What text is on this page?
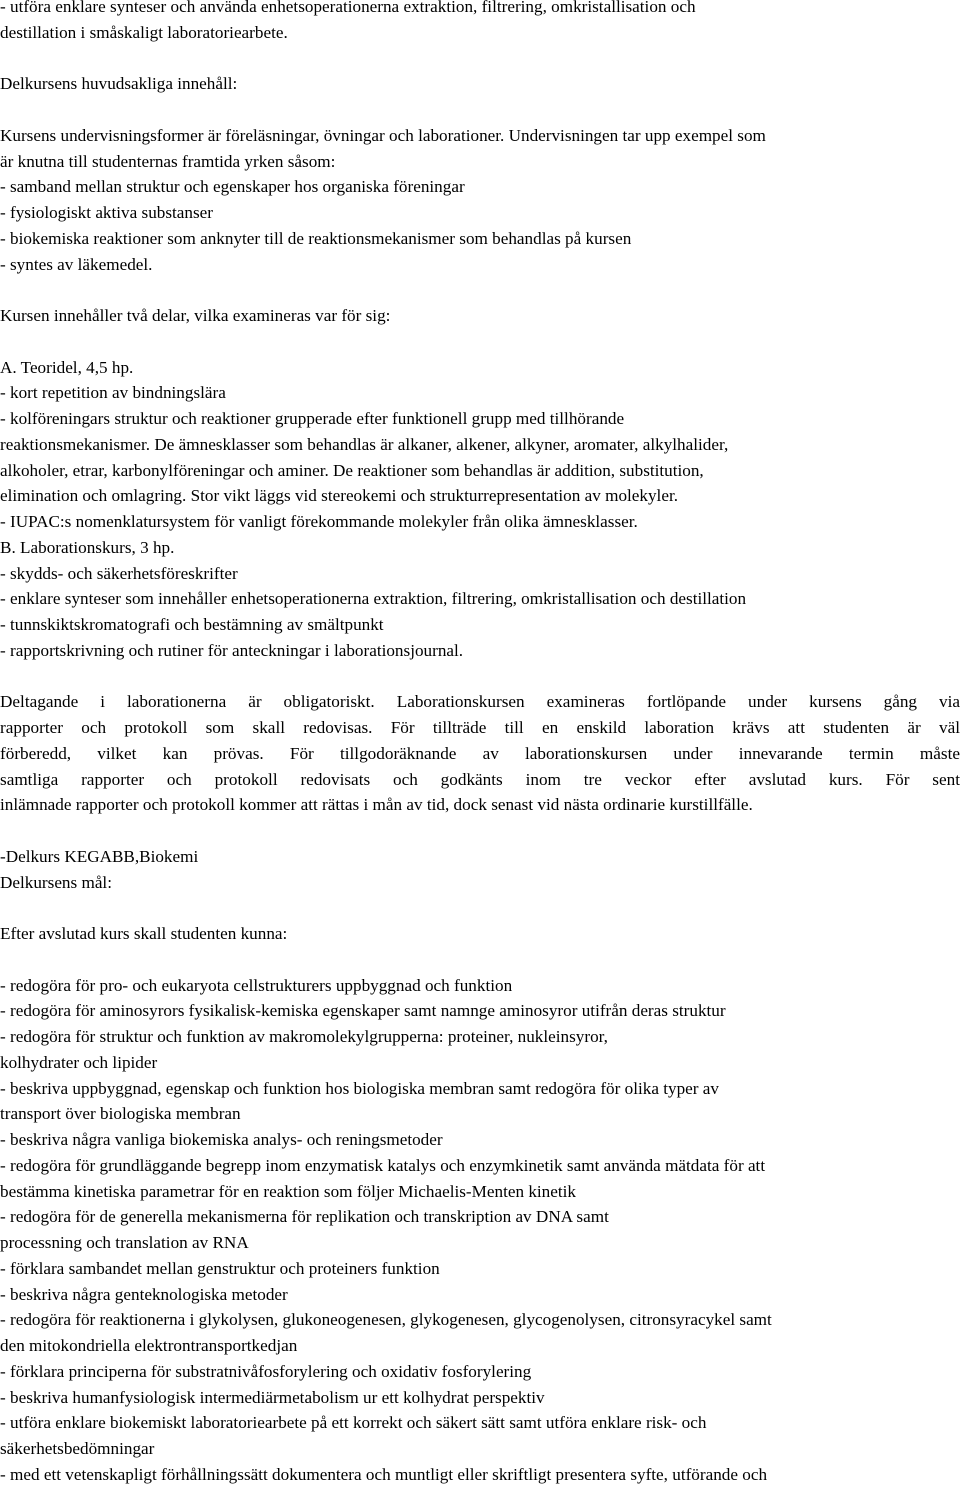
- utföra enklare synteser och använda enhetsoperationerna extraktion, filtrering, omkristallisation och
destillation i småskaligt laboratoriearbete.
Delkursens huvudsakliga innehåll:
Kursens undervisningsformer är föreläsningar, övningar och laborationer. Undervisningen tar upp exempel som
är knutna till studenternas framtida yrken såsom:
- samband mellan struktur och egenskaper hos organiska föreningar
- fysiologiskt aktiva substanser
- biokemiska reaktioner som anknyter till de reaktionsmekanismer som behandlas på kursen
- syntes av läkemedel.
Kursen innehåller två delar, vilka examineras var för sig:
A. Teoridel, 4,5 hp.
- kort repetition av bindningslära
- kolföreningars struktur och reaktioner grupperade efter funktionell grupp med tillhörande
reaktionsmekanismer. De ämnesklasser som behandlas är alkaner, alkener, alkyner, aromater, alkylhalider,
alkoholer, etrar, karbonylföreningar och aminer. De reaktioner som behandlas är addition, substitution,
elimination och omlagring. Stor vikt läggs vid stereokemi och strukturrepresentation av molekyler.
- IUPAC:s nomenklatursystem för vanligt förekommande molekyler från olika ämnesklasser.
B. Laborationskurs, 3 hp.
- skydds- och säkerhetsföreskrifter
- enklare synteser som innehåller enhetsoperationerna extraktion, filtrering, omkristallisation och destillation
- tunnskiktskromatografi och bestämning av smältpunkt
- rapportskrivning och rutiner för anteckningar i laborationsjournal.
Deltagande i laborationerna är obligatoriskt. Laborationskursen examineras fortlöpande under kursens gång via
rapporter och protokoll som skall redovisas. För tillträde till en enskild laboration krävs att studenten är väl
förberedd, vilket kan prövas. För tillgodoräknande av laborationskursen under innevarande termin måste
samtliga rapporter och protokoll redovisats och godkänts inom tre veckor efter avslutad kurs. För sent
inlämnade rapporter och protokoll kommer att rättas i mån av tid, dock senast vid nästa ordinarie kurstillfälle.
-Delkurs KEGABB,Biokemi
Delkursens mål:
Efter avslutad kurs skall studenten kunna:
- redogöra för pro- och eukaryota cellstrukturers uppbyggnad och funktion
- redogöra för aminosyrors fysikalisk-kemiska egenskaper samt namnge aminosyror utifrån deras struktur
- redogöra för struktur och funktion av makromolekylgrupperna: proteiner, nukleinsyror,
kolhydrater och lipider
- beskriva uppbyggnad, egenskap och funktion hos biologiska membran samt redogöra för olika typer av
transport över biologiska membran
- beskriva några vanliga biokemiska analys- och reningsmetoder
- redogöra för grundläggande begrepp inom enzymatisk katalys och enzymkinetik samt använda mätdata för att
bestämma kinetiska parametrar för en reaktion som följer Michaelis-Menten kinetik
- redogöra för de generella mekanismerna för replikation och transkription av DNA samt
processning och translation av RNA
- förklara sambandet mellan genstruktur och proteiners funktion
- beskriva några genteknologiska metoder
- redogöra för reaktionerna i glykolysen, glukoneogenesen, glykogenesen, glycogenolysen, citronsyracykel samt
den mitokondriella elektrontransportkedjan
- förklara principerna för substratnivåfosforylering och oxidativ fosforylering
- beskriva humanfysiologisk intermediärmetabolism ur ett kolhydrat perspektiv
- utföra enklare biokemiskt laboratoriearbete på ett korrekt och säkert sätt samt utföra enklare risk- och
säkerhetsbedömningar
- med ett vetenskapligt förhållningssätt dokumentera och muntligt eller skriftligt presentera syfte, utförande och
